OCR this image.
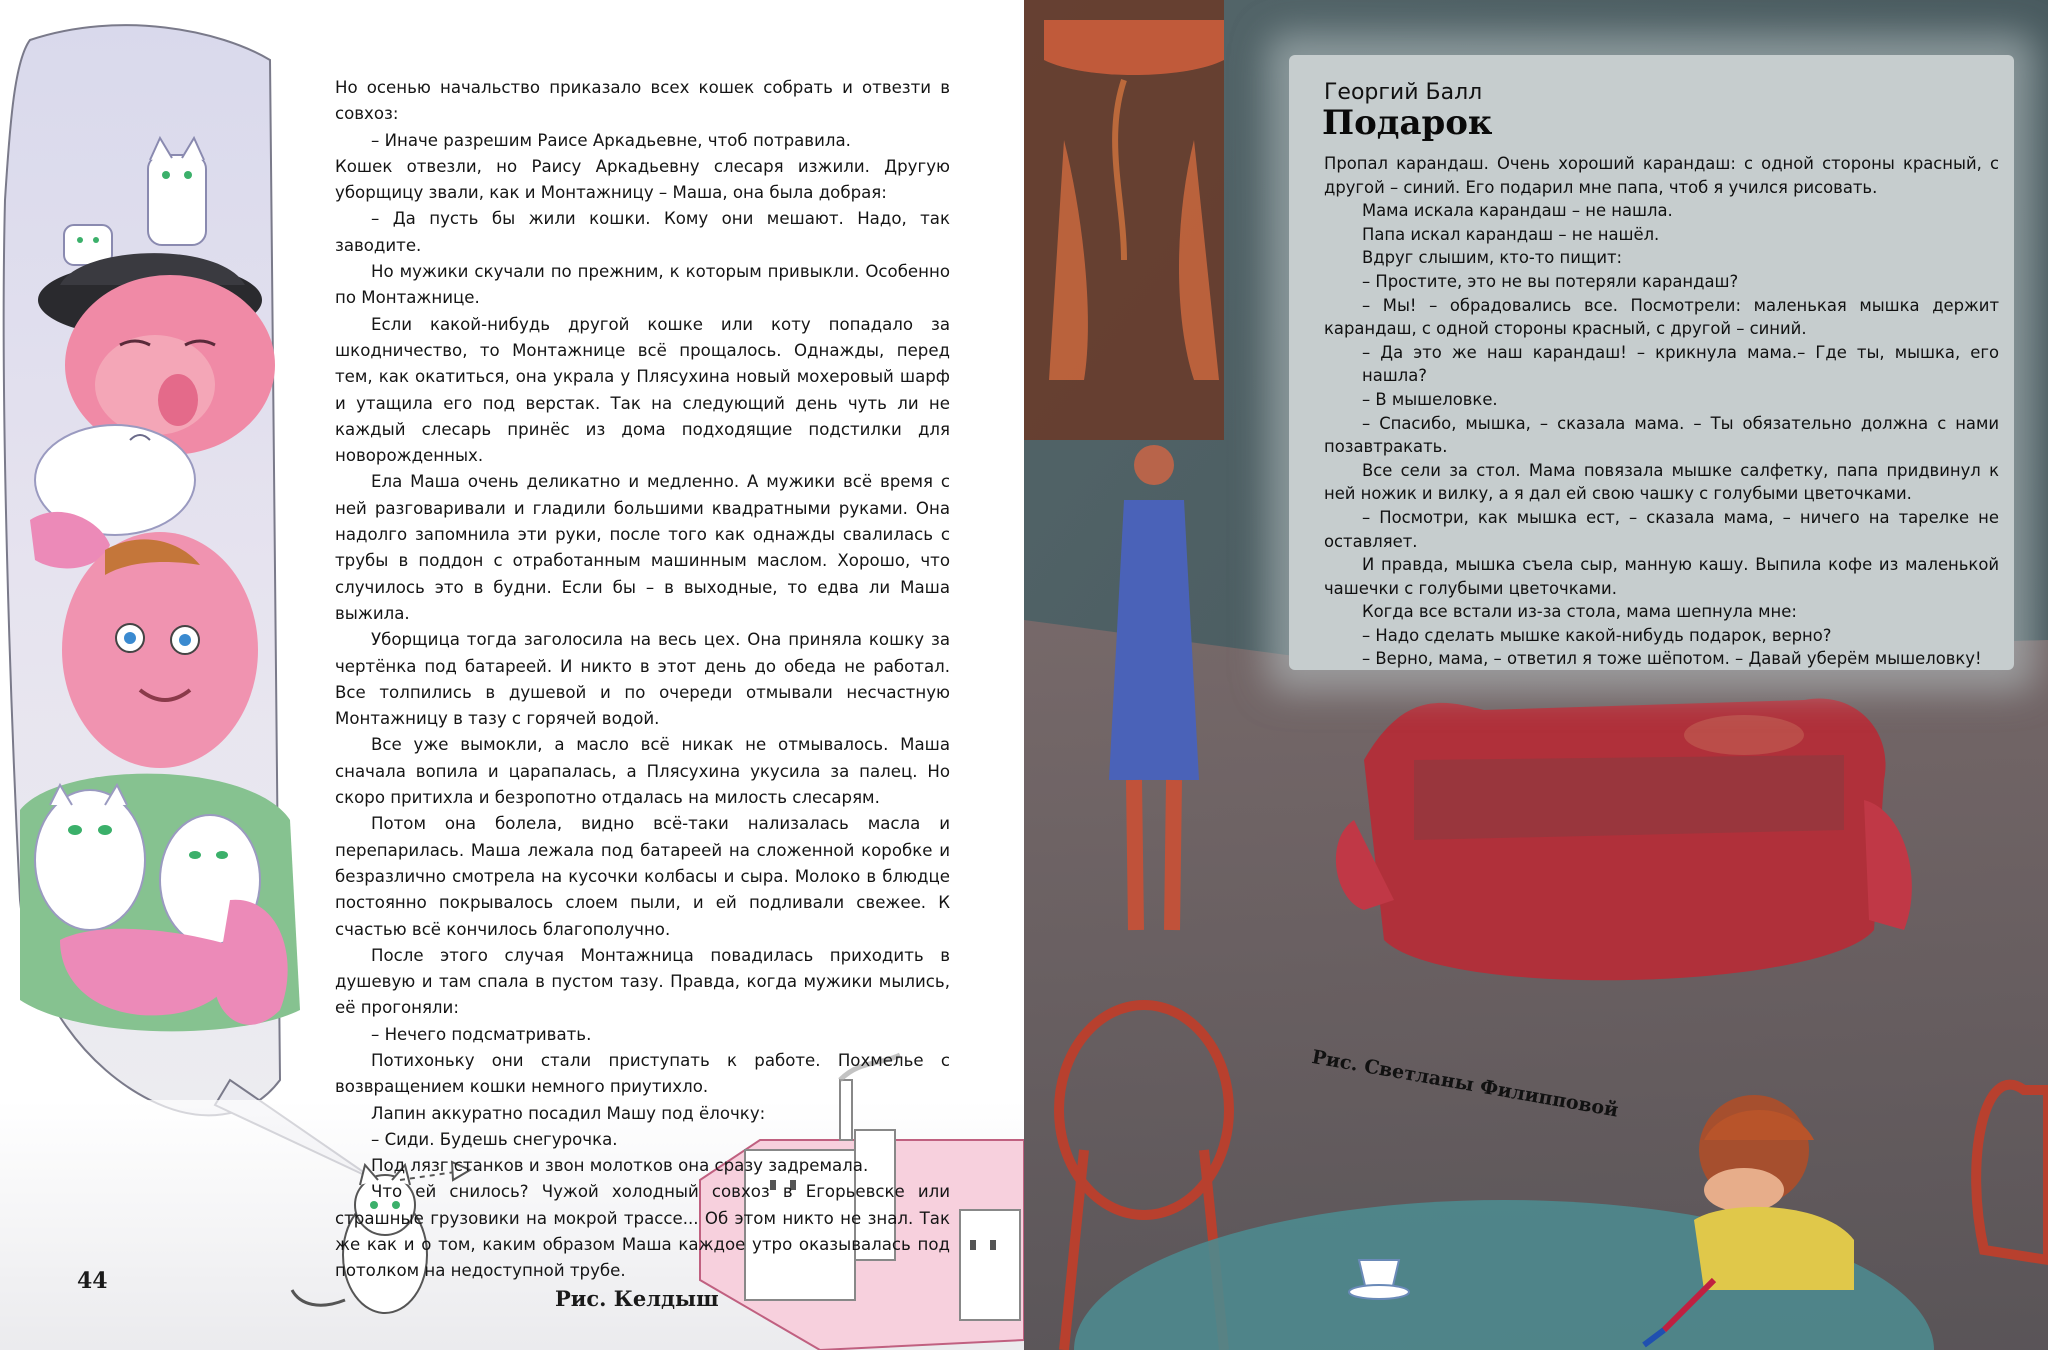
Но осенью начальство приказало всех кошек собрать и отвезти в совхоз:

– Иначе разрешим Раисе Аркадьевне, чтоб потравила.

Кошек отвезли, но Раису Аркадьевну слесаря изжили. Другую уборщицу звали, как и Монтажницу – Маша, она была добрая:

– Да пусть бы жили кошки. Кому они мешают. Надо, так заводите.

Но мужики скучали по прежним, к которым привыкли. Особенно по Монтажнице.

Если какой-нибудь другой кошке или коту попадало за шкодничество, то Монтажнице всё прощалось. Однажды, перед тем, как окатиться, она украла у Плясухина новый мохеровый шарф и утащила его под верстак. Так на следующий день чуть ли не каждый слесарь принёс из дома подходящие подстилки для новорожденных.

Ела Маша очень деликатно и медленно. А мужики всё время с ней разговаривали и гладили большими квадратными руками. Она надолго запомнила эти руки, после того как однажды свалилась с трубы в поддон с отработанным машинным маслом. Хорошо, что случилось это в будни. Если бы – в выходные, то едва ли Маша выжила.

Уборщица тогда заголосила на весь цех. Она приняла кошку за чертёнка под батареей. И никто в этот день до обеда не работал. Все толпились в душевой и по очереди отмывали несчастную Монтажницу в тазу с горячей водой.

Все уже вымокли, а масло всё никак не отмывалось. Маша сначала вопила и царапалась, а Плясухина укусила за палец. Но скоро притихла и безропотно отдалась на милость слесарям.

Потом она болела, видно всё-таки нализалась масла и перепарилась. Маша лежала под батареей на сложенной коробке и безразлично смотрела на кусочки колбасы и сыра. Молоко в блюдце постоянно покрывалось слоем пыли, и ей подливали свежее. К счастью всё кончилось благополучно.

После этого случая Монтажница повадилась приходить в душевую и там спала в пустом тазу. Правда, когда мужики мылись, её прогоняли:

– Нечего подсматривать.

Потихоньку они стали приступать к работе. Похмелье с возвращением кошки немного приутихло.

Лапин аккуратно посадил Машу под ёлочку:

– Сиди. Будешь снегурочка.

Под лязг станков и звон молотков она сразу задремала.

Что ей снилось? Чужой холодный совхоз в Егорьевске или страшные грузовики на мокрой трассе... Об этом никто не знал. Так же как и о том, каким образом Маша каждое утро оказывалась под потолком на недоступной трубе.

44
Рис. Келдыш
Георгий Балл
Подарок

Пропал карандаш. Очень хороший карандаш: с одной стороны красный, с другой – синий. Его подарил мне папа, чтоб я учился рисовать.

Мама искала карандаш – не нашла.

Папа искал карандаш – не нашёл.

Вдруг слышим, кто-то пищит:

– Простите, это не вы потеряли карандаш?

– Мы! – обрадовались все. Посмотрели: маленькая мышка держит карандаш, с одной стороны красный, с другой – синий.

– Да это же наш карандаш! – крикнула мама.– Где ты, мышка, его нашла?

– В мышеловке.

– Спасибо, мышка, – сказала мама. – Ты обязательно должна с нами позавтракать.

Все сели за стол. Мама повязала мышке салфетку, папа придвинул к ней ножик и вилку, а я дал ей свою чашку с голубыми цветочками.

– Посмотри, как мышка ест, – сказала мама, – ничего на тарелке не оставляет.

И правда, мышка съела сыр, манную кашу. Выпила кофе из маленькой чашечки с голубыми цветочками.

Когда все встали из-за стола, мама шепнула мне:

– Надо сделать мышке какой-нибудь подарок, верно?

– Верно, мама, – ответил я тоже шёпотом. – Давай уберём мышеловку!

Рис. Светланы Филипповой
